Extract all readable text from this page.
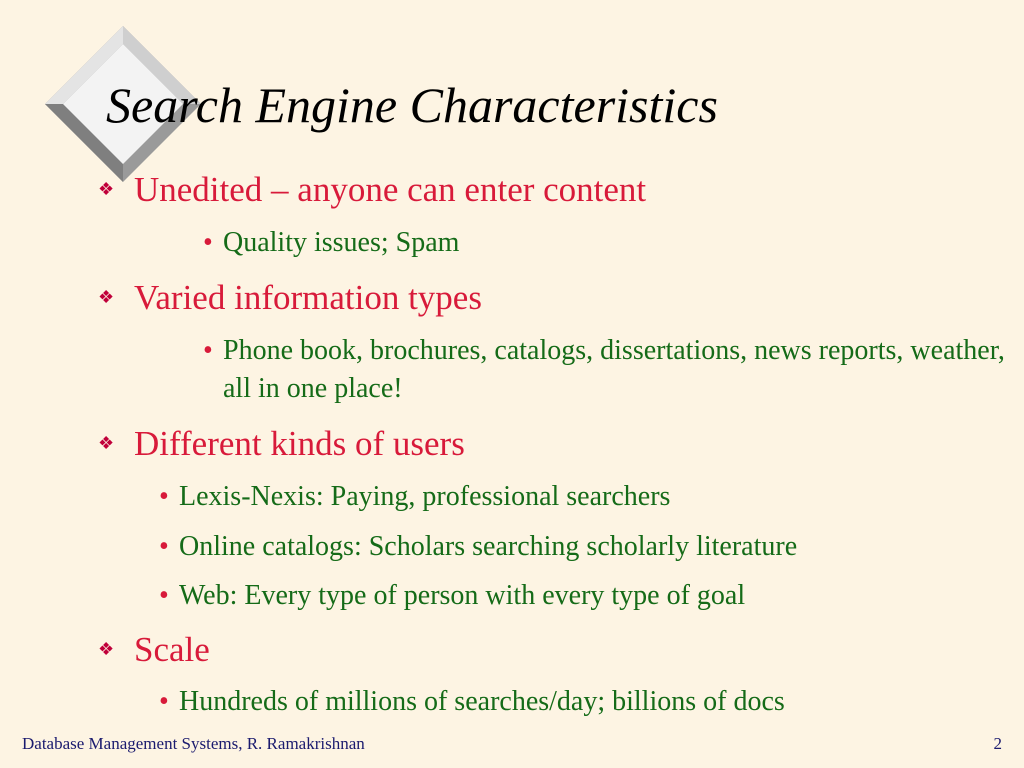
Search Engine Characteristics
❖ Unedited – anyone can enter content
• Quality issues; Spam
❖ Varied information types
• Phone book, brochures, catalogs, dissertations, news reports, weather, all in one place!
❖ Different kinds of users
• Lexis-Nexis: Paying, professional searchers
• Online catalogs: Scholars searching scholarly literature
• Web: Every type of person with every type of goal
❖ Scale
• Hundreds of millions of searches/day; billions of docs
Database Management Systems, R. Ramakrishnan	2
